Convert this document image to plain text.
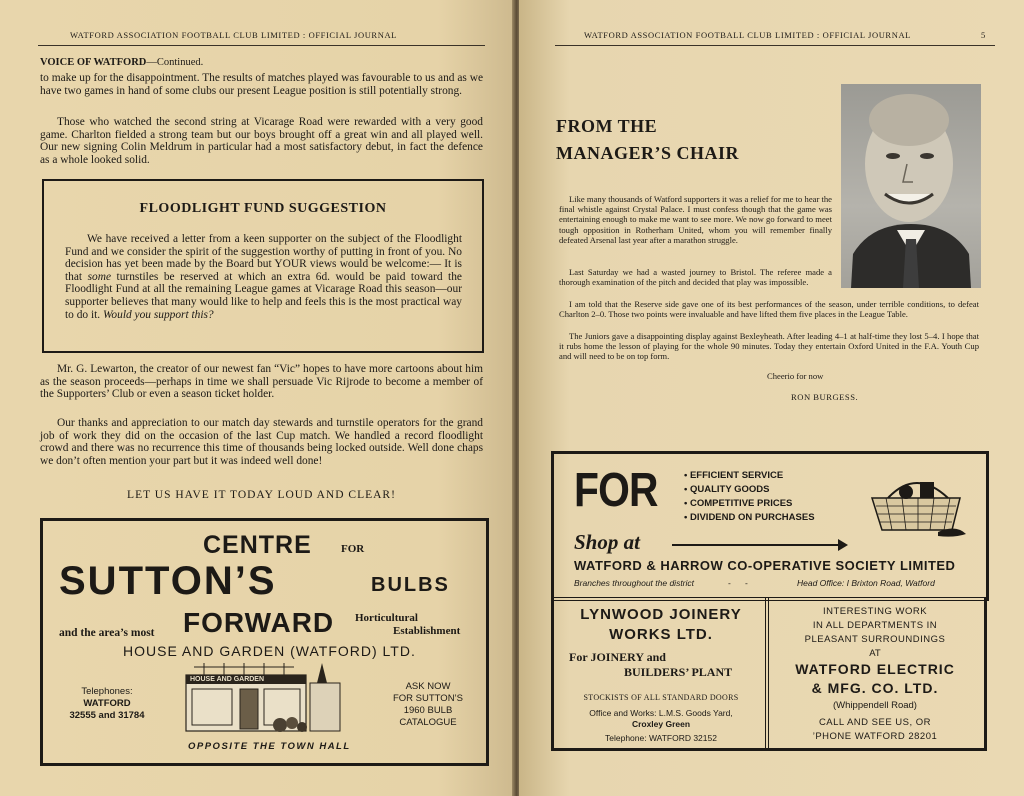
WATFORD ASSOCIATION FOOTBALL CLUB LIMITED : OFFICIAL JOURNAL
VOICE OF WATFORD—Continued.
to make up for the disappointment. The results of matches played was favourable to us and as we have two games in hand of some clubs our present League position is still potentially strong.
Those who watched the second string at Vicarage Road were rewarded with a very good game. Charlton fielded a strong team but our boys brought off a great win and all played well. Our new signing Colin Meldrum in particular had a most satisfactory debut, in fact the defence as a whole looked solid.
FLOODLIGHT FUND SUGGESTION
We have received a letter from a keen supporter on the subject of the Floodlight Fund and we consider the spirit of the suggestion worthy of putting in front of you. No decision has yet been made by the Board but YOUR views would be welcome:— It is that some turnstiles be reserved at which an extra 6d. would be paid toward the Floodlight Fund at all the remaining League games at Vicarage Road this season—our supporter believes that many would like to help and feels this is the most practical way to do it. Would you support this?
Mr. G. Lewarton, the creator of our newest fan “Vic” hopes to have more cartoons about him as the season proceeds—perhaps in time we shall persuade Vic Rijrode to become a member of the Supporters’ Club or even a season ticket holder.
Our thanks and appreciation to our match day stewards and turnstile operators for the grand job of work they did on the occasion of the last Cup match. We handled a record floodlight crowd and there was no recurrence this time of thousands being locked outside. Well done chaps we don’t often mention your part but it was indeed well done!
LET US HAVE IT TODAY LOUD AND CLEAR!
CENTRE	FOR
SUTTON’S	BULBS
and the area’s most FORWARD Horticultural
Establishment
HOUSE AND GARDEN (WATFORD) LTD.
Telephones:
WATFORD
32555 and 31784
HOUSE AND GARDEN
ASK NOW
FOR SUTTON’S
1960 BULB
CATALOGUE
OPPOSITE THE TOWN HALL
WATFORD ASSOCIATION FOOTBALL CLUB LIMITED : OFFICIAL JOURNAL	5
FROM THE
MANAGER’S CHAIR
Like many thousands of Watford supporters it was a relief for me to hear the final whistle against Crystal Palace. I must confess though that the game was entertaining enough to make me want to see more. We now go forward to meet tough opposition in Rotherham United, whom you will remember finally defeated Arsenal last year after a marathon struggle.
Last Saturday we had a wasted journey to Bristol. The referee made a thorough examination of the pitch and decided that play was impossible.
I am told that the Reserve side gave one of its best performances of the season, under terrible conditions, to defeat Charlton 2–0. Those two points were invaluable and have lifted them five places in the League Table.
The Juniors gave a disappointing display against Bexleyheath. After leading 4–1 at half-time they lost 5–4. I hope that it rubs home the lesson of playing for the whole 90 minutes. Today they entertain Oxford United in the F.A. Youth Cup and will need to be on top form.
Cheerio for now
RON BURGESS.
FOR	• EFFICIENT SERVICE
• QUALITY GOODS
• COMPETITIVE PRICES
• DIVIDEND ON PURCHASES
Shop at
WATFORD & HARROW CO-OPERATIVE SOCIETY LIMITED
Branches throughout the district	-      -	Head Office: I Brixton Road, Watford
LYNWOOD JOINERY
WORKS LTD.
For JOINERY and
BUILDERS’ PLANT
STOCKISTS OF ALL STANDARD DOORS
Office and Works: L.M.S. Goods Yard,
Croxley Green
Telephone: WATFORD 32152
INTERESTING WORK
IN ALL DEPARTMENTS IN
PLEASANT SURROUNDINGS
AT
WATFORD ELECTRIC
& MFG. CO. LTD.
(Whippendell Road)
CALL AND SEE US, OR
’PHONE WATFORD 28201
